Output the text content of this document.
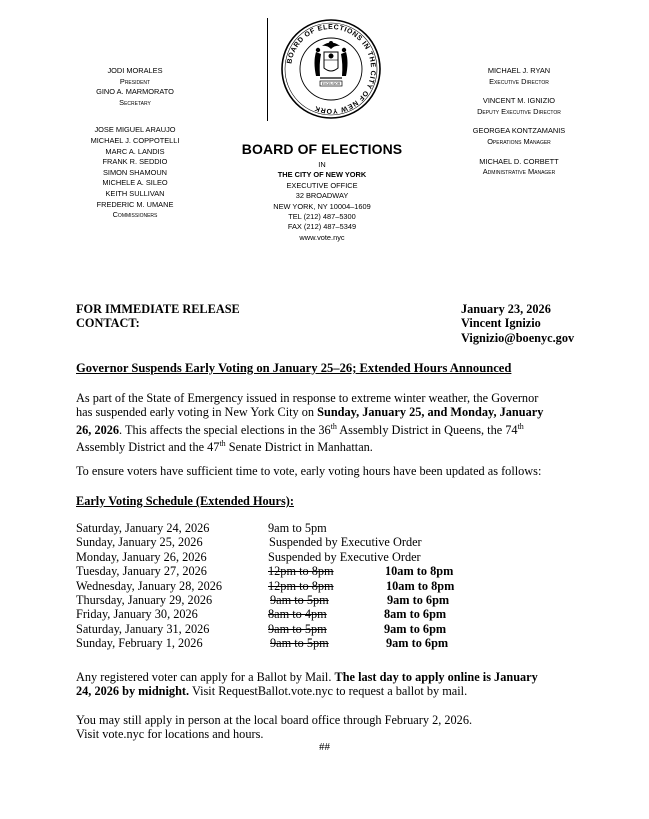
JODI MORALES
President
GINO A. MARMORATO
Secretary
JOSE MIGUEL ARAUJO
MICHAEL J. COPPOTELLI
MARC A. LANDIS
FRANK R. SEDDIO
SIMON SHAMOUN
MICHELE A. SILEO
KEITH SULLIVAN
FREDERIC M. UMANE
Commissioners
BOARD OF ELECTIONS IN THE CITY OF NEW YORK
EXCELSIOR
MICHAEL J. RYAN
Executive Director
VINCENT M. IGNIZIO
Deputy Executive Director
GEORGEA KONTZAMANIS
Operations Manager
MICHAEL D. CORBETT
Administrative Manager
BOARD OF ELECTIONS
IN
THE CITY OF NEW YORK
EXECUTIVE OFFICE
32 BROADWAY
NEW YORK, NY 10004–1609
TEL (212) 487–5300
FAX (212) 487–5349
www.vote.nyc
FOR IMMEDIATE RELEASE
CONTACT:
January 23, 2026
Vincent Ignizio
Vignizio@boenyc.gov
Governor Suspends Early Voting on January 25–26; Extended Hours Announced
As part of the State of Emergency issued in response to extreme winter weather, the Governor
has suspended early voting in New York City on Sunday, January 25, and Monday, January
26, 2026. This affects the special elections in the 36th Assembly District in Queens, the 74th
Assembly District and the 47th Senate District in Manhattan.
To ensure voters have sufficient time to vote, early voting hours have been updated as follows:
Early Voting Schedule (Extended Hours):
Saturday, January 24, 2026	9am to 5pm
Sunday, January 25, 2026	Suspended by Executive Order
Monday, January 26, 2026	Suspended by Executive Order
Tuesday, January 27, 2026	12pm to 8pm	10am to 8pm
Wednesday, January 28, 2026	12pm to 8pm	10am to 8pm
Thursday, January 29, 2026	9am to 5pm	9am to 6pm
Friday, January 30, 2026	8am to 4pm	8am to 6pm
Saturday, January 31, 2026	9am to 5pm	9am to 6pm
Sunday, February 1, 2026	9am to 5pm	9am to 6pm
Any registered voter can apply for a Ballot by Mail. The last day to apply online is January
24, 2026 by midnight. Visit RequestBallot.vote.nyc to request a ballot by mail.
You may still apply in person at the local board office through February 2, 2026.
Visit vote.nyc for locations and hours.
##
